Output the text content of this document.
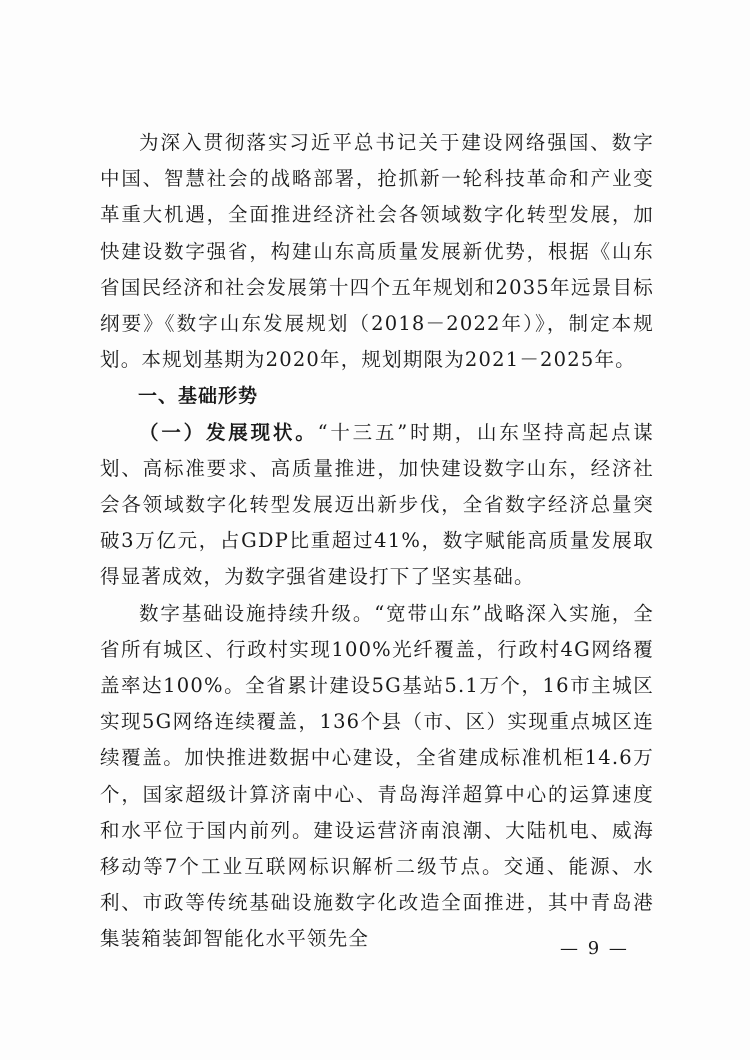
为深入贯彻落实习近平总书记关于建设网络强国、数字中国、智慧社会的战略部署，抢抓新一轮科技革命和产业变革重大机遇，全面推进经济社会各领域数字化转型发展，加快建设数字强省，构建山东高质量发展新优势，根据《山东省国民经济和社会发展第十四个五年规划和2035年远景目标纲要》《数字山东发展规划（2018－2022年）》，制定本规划。本规划基期为2020年，规划期限为2021－2025年。

一、基础形势

（一）发展现状。“十三五”时期，山东坚持高起点谋划、高标准要求、高质量推进，加快建设数字山东，经济社会各领域数字化转型发展迈出新步伐，全省数字经济总量突破3万亿元，占GDP比重超过41%，数字赋能高质量发展取得显著成效，为数字强省建设打下了坚实基础。

数字基础设施持续升级。“宽带山东”战略深入实施，全省所有城区、行政村实现100%光纤覆盖，行政村4G网络覆盖率达100%。全省累计建设5G基站5.1万个，16市主城区实现5G网络连续覆盖，136个县（市、区）实现重点城区连续覆盖。加快推进数据中心建设，全省建成标准机柜14.6万个，国家超级计算济南中心、青岛海洋超算中心的运算速度和水平位于国内前列。建设运营济南浪潮、大陆机电、威海移动等7个工业互联网标识解析二级节点。交通、能源、水利、市政等传统基础设施数字化改造全面推进，其中青岛港集装箱装卸智能化水平领先全	— 9 —
